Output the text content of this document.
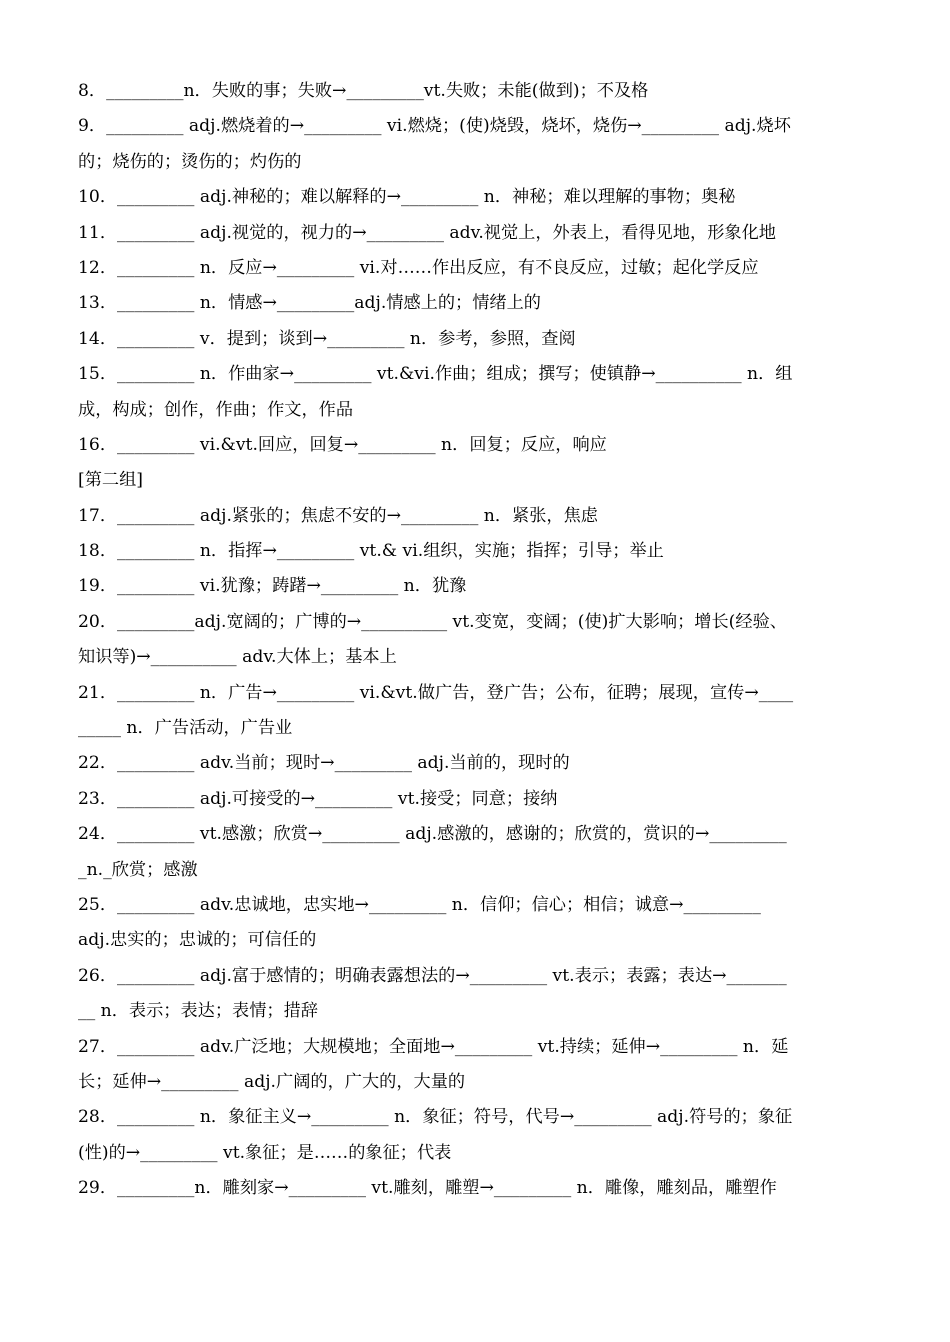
8．_________n．失败的事；失败→_________vt.失败；未能(做到)；不及格
9．_________ adj.燃烧着的→_________ vi.燃烧；(使)烧毁，烧坏，烧伤→_________ adj.烧坏
的；烧伤的；烫伤的；灼伤的
10．_________ adj.神秘的；难以解释的→_________ n．神秘；难以理解的事物；奥秘
11．_________ adj.视觉的，视力的→_________ adv.视觉上，外表上，看得见地，形象化地
12．_________ n．反应→_________ vi.对……作出反应，有不良反应，过敏；起化学反应
13．_________ n．情感→_________adj.情感上的；情绪上的
14．_________ v．提到；谈到→_________ n．参考，参照，查阅
15．_________ n．作曲家→_________ vt.&vi.作曲；组成；撰写；使镇静→__________ n．组
成，构成；创作，作曲；作文，作品
16．_________ vi.&vt.回应，回复→_________ n．回复；反应，响应
[第二组]
17．_________ adj.紧张的；焦虑不安的→_________ n．紧张，焦虑
18．_________ n．指挥→_________ vt.& vi.组织，实施；指挥；引导；举止
19．_________ vi.犹豫；踌躇→_________ n．犹豫
20．_________adj.宽阔的；广博的→__________ vt.变宽，变阔；(使)扩大影响；增长(经验、
知识等)→__________ adv.大体上；基本上
21．_________ n．广告→_________ vi.&vt.做广告，登广告；公布，征聘；展现，宣传→____
_____ n．广告活动，广告业
22．_________ adv.当前；现时→_________ adj.当前的，现时的
23．_________ adj.可接受的→_________ vt.接受；同意；接纳
24．_________ vt.感激；欣赏→_________ adj.感激的，感谢的；欣赏的，赏识的→_________
_n._欣赏；感激
25．_________ adv.忠诚地，忠实地→_________ n．信仰；信心；相信；诚意→_________
adj.忠实的；忠诚的；可信任的
26．_________ adj.富于感情的；明确表露想法的→_________ vt.表示；表露；表达→_______
__ n．表示；表达；表情；措辞
27．_________ adv.广泛地；大规模地；全面地→_________ vt.持续；延伸→_________ n．延
长；延伸→_________ adj.广阔的，广大的，大量的
28．_________ n．象征主义→_________ n．象征；符号，代号→_________ adj.符号的；象征
(性)的→_________ vt.象征；是……的象征；代表
29．_________n．雕刻家→_________ vt.雕刻，雕塑→_________ n．雕像，雕刻品，雕塑作
